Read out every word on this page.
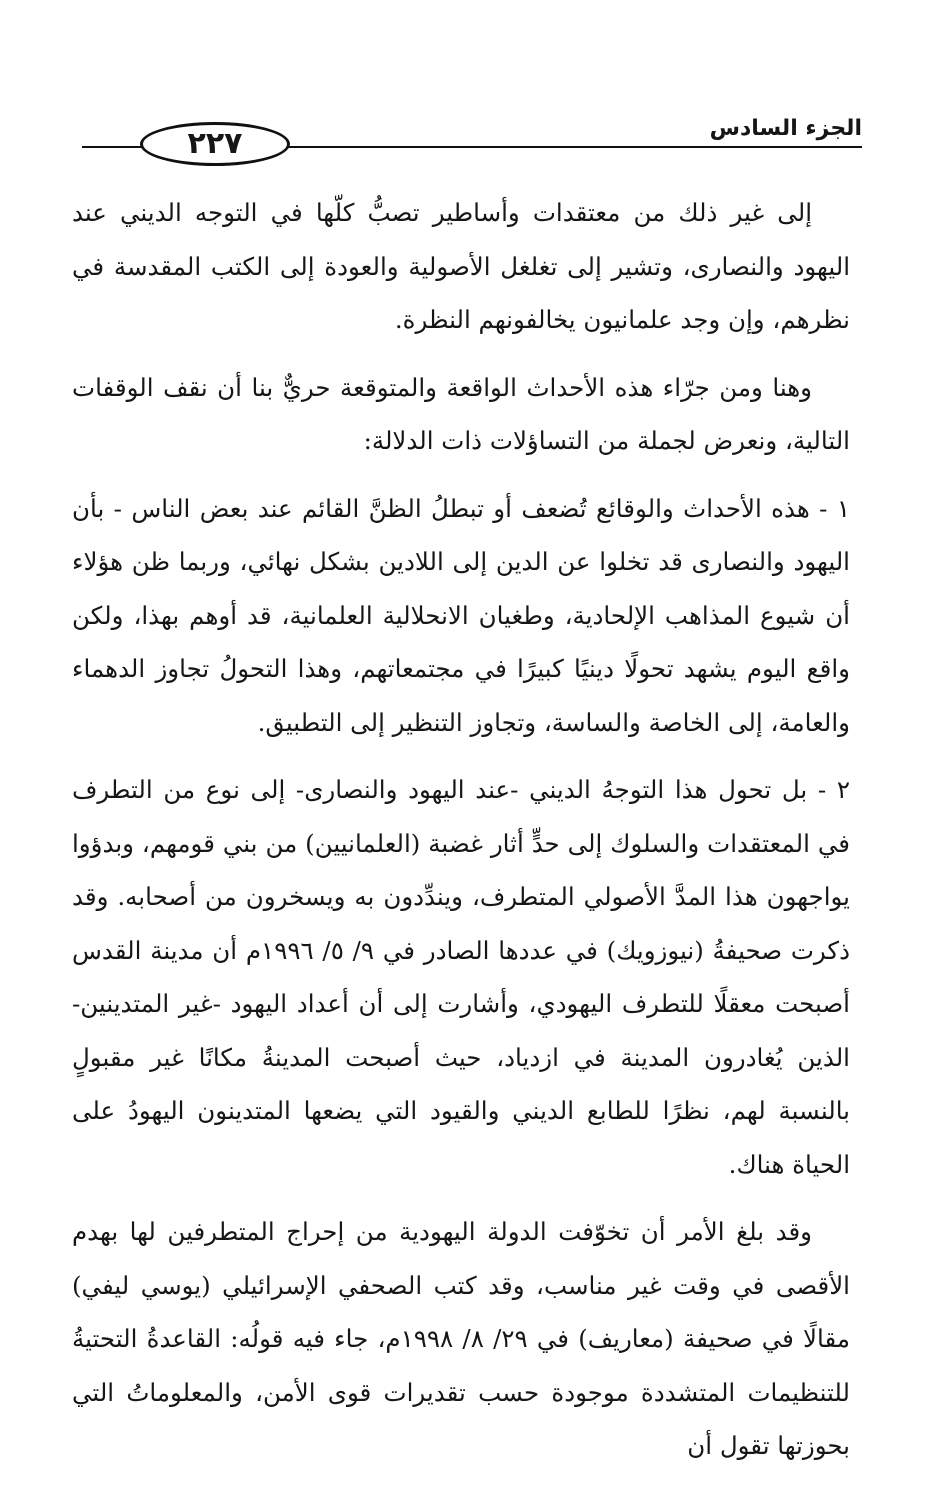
٢٢٧	الجزء السادس

إلى غير ذلك من معتقدات وأساطير تصبُّ كلّها في التوجه الديني عند اليهود والنصارى، وتشير إلى تغلغل الأصولية والعودة إلى الكتب المقدسة في نظرهم، وإن وجد علمانيون يخالفونهم النظرة.

وهنا ومن جرّاء هذه الأحداث الواقعة والمتوقعة حريٌّ بنا أن نقف الوقفات التالية، ونعرض لجملة من التساؤلات ذات الدلالة:

١ - هذه الأحداث والوقائع تُضعف أو تبطلُ الظنَّ القائم عند بعض الناس - بأن اليهود والنصارى قد تخلوا عن الدين إلى اللادين بشكل نهائي، وربما ظن هؤلاء أن شيوع المذاهب الإلحادية، وطغيان الانحلالية العلمانية، قد أوهم بهذا، ولكن واقع اليوم يشهد تحولًا دينيًا كبيرًا في مجتمعاتهم، وهذا التحولُ تجاوز الدهماء والعامة، إلى الخاصة والساسة، وتجاوز التنظير إلى التطبيق.

٢ - بل تحول هذا التوجهُ الديني -عند اليهود والنصارى- إلى نوع من التطرف في المعتقدات والسلوك إلى حدٍّ أثار غضبة (العلمانيين) من بني قومهم، وبدؤوا يواجهون هذا المدَّ الأصولي المتطرف، ويندِّدون به ويسخرون من أصحابه. وقد ذكرت صحيفةُ (نيوزويك) في عددها الصادر في ٩/ ٥/ ١٩٩٦م أن مدينة القدس أصبحت معقلًا للتطرف اليهودي، وأشارت إلى أن أعداد اليهود -غير المتدينين- الذين يُغادرون المدينة في ازدياد، حيث أصبحت المدينةُ مكانًا غير مقبولٍ بالنسبة لهم، نظرًا للطابع الديني والقيود التي يضعها المتدينون اليهودُ على الحياة هناك.

وقد بلغ الأمر أن تخوّفت الدولة اليهودية من إحراج المتطرفين لها بهدم الأقصى في وقت غير مناسب، وقد كتب الصحفي الإسرائيلي (يوسي ليفي) مقالًا في صحيفة (معاريف) في ٢٩/ ٨/ ١٩٩٨م، جاء فيه قولُه: القاعدةُ التحتيةُ للتنظيمات المتشددة موجودة حسب تقديرات قوى الأمن، والمعلوماتُ التي بحوزتها تقول أن
